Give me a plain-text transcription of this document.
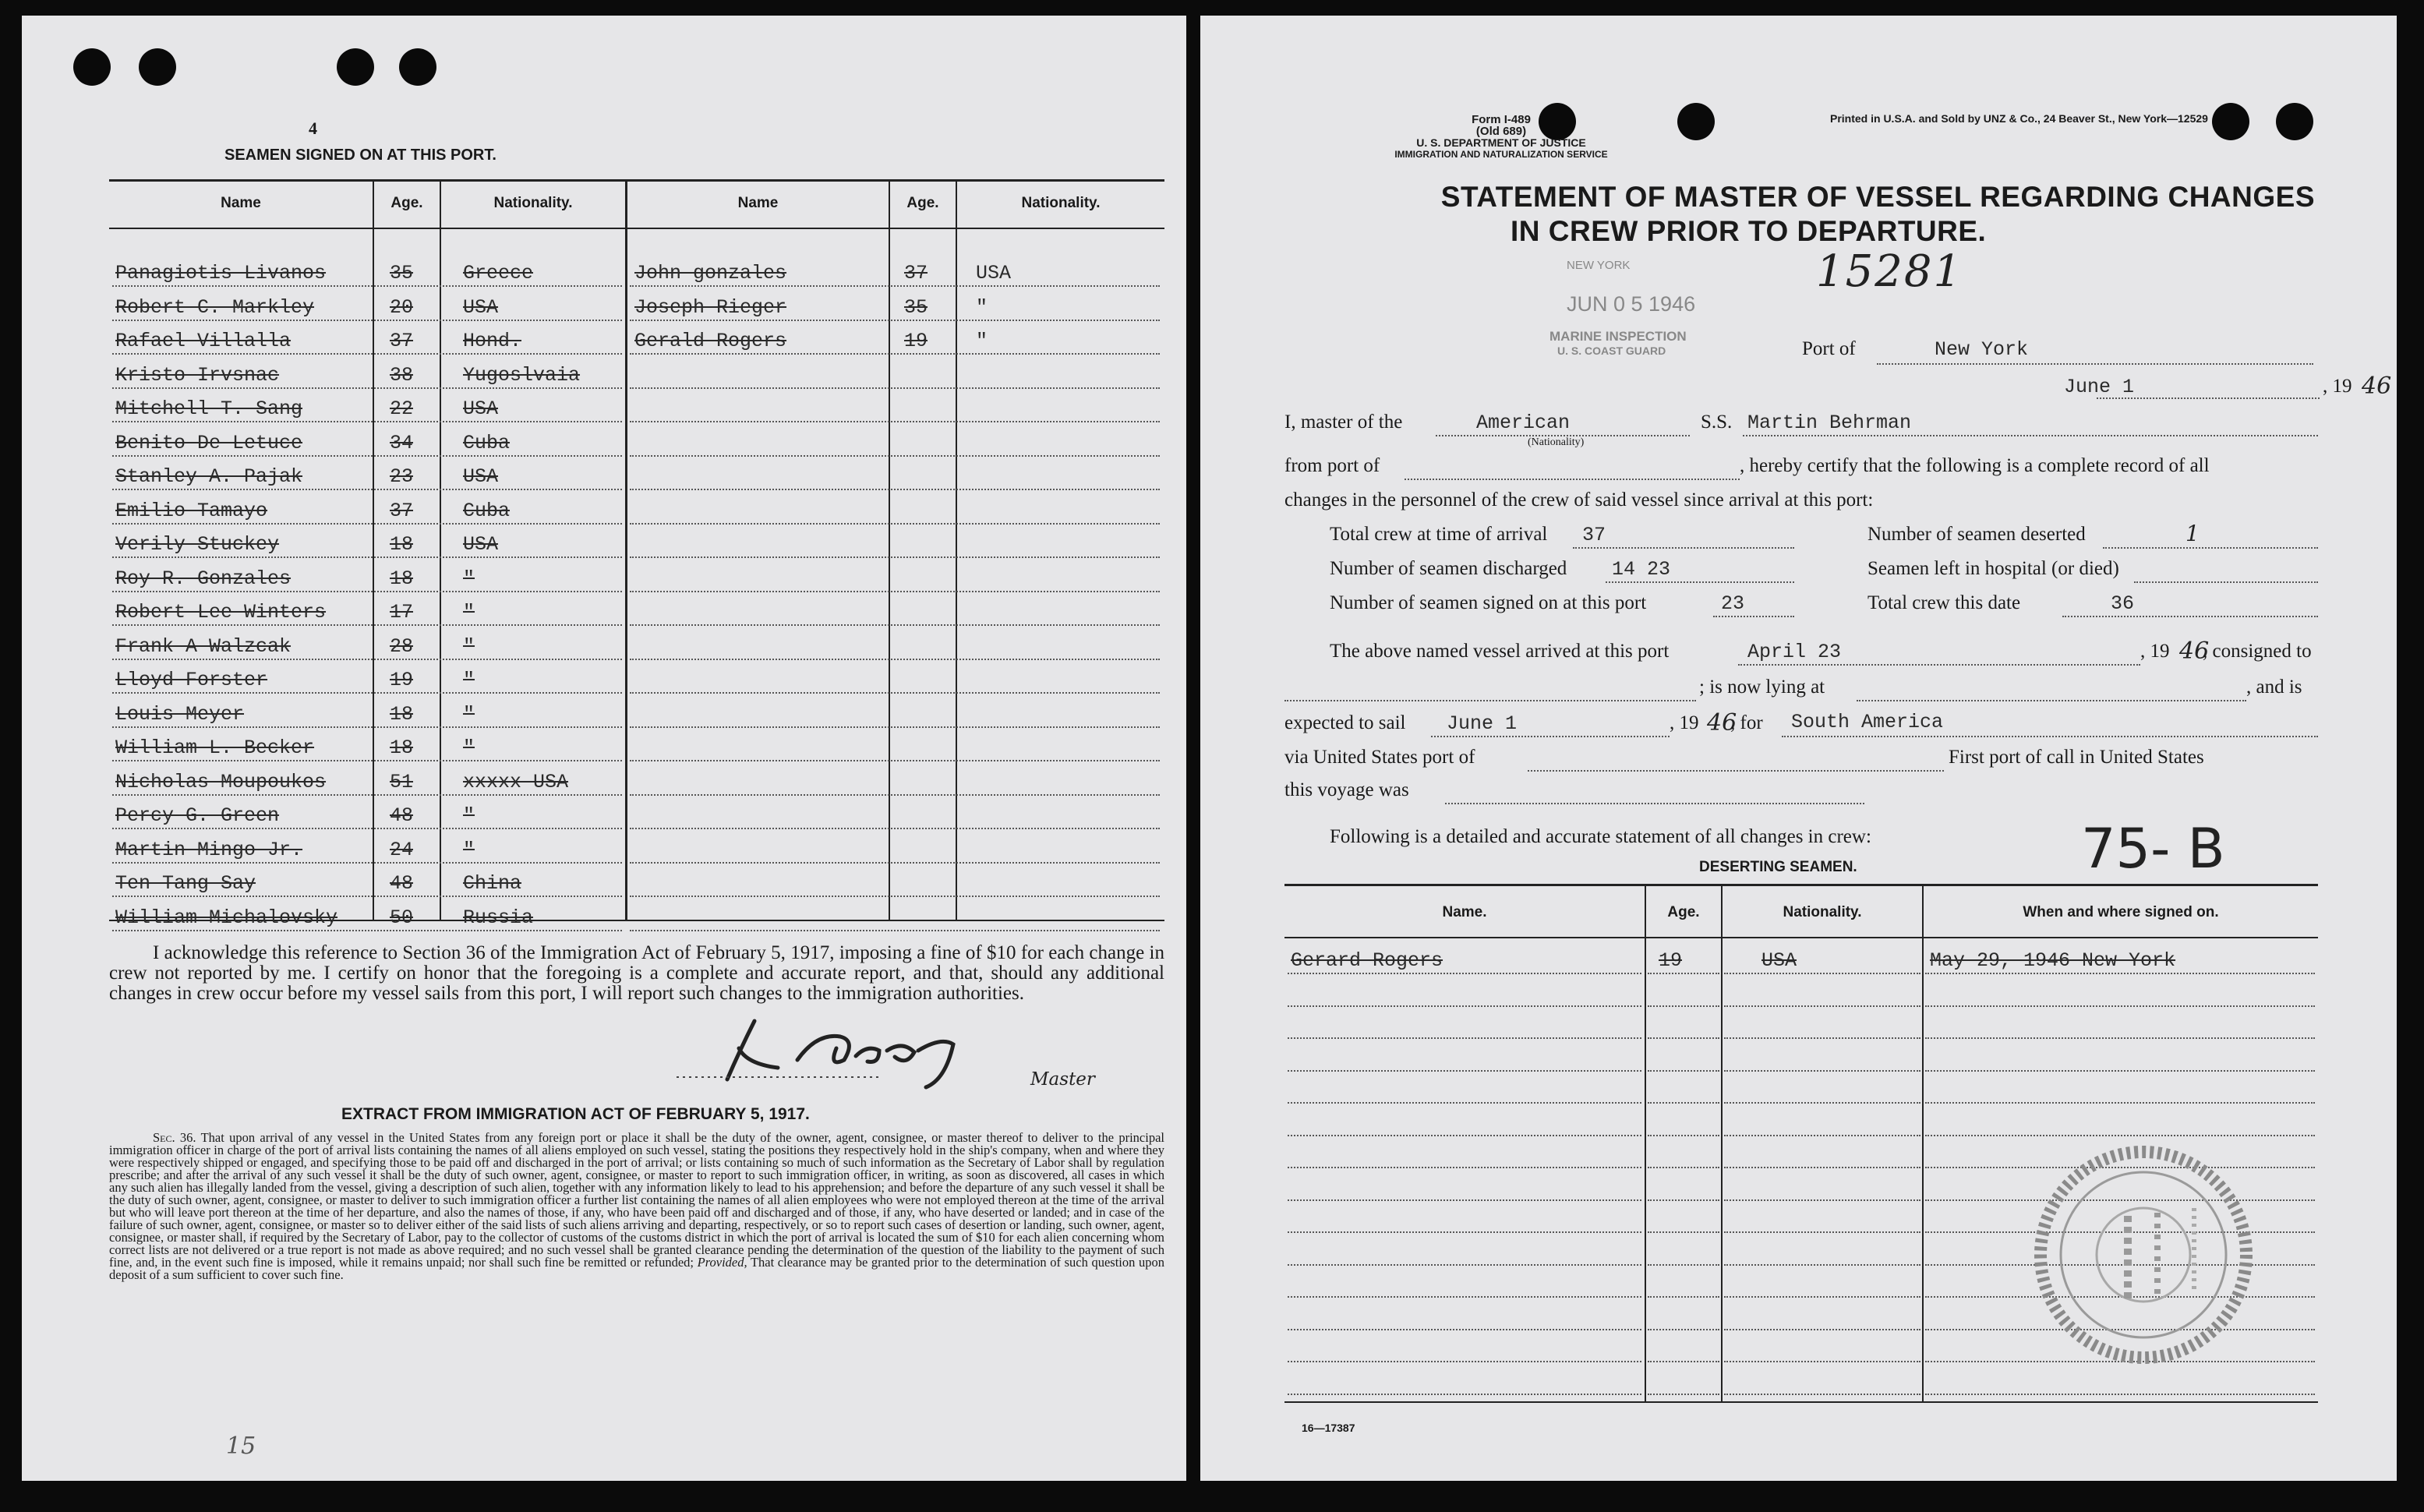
4
SEAMEN SIGNED ON AT THIS PORT.
Name	Age.	Nationality.	Name	Age.	Nationality.
Panagiotis Livanos	35	Greece
Robert C. Markley	20	USA
Rafael Villalla	37	Hond.
Kristo Irvsnac	38	Yugoslvaia
Mitchell T. Sang	22	USA
Benito De Letuce	34	Cuba
Stanley A. Pajak	23	USA
Emilio Tamayo	37	Cuba
Verily Stuckey	18	USA
Roy R. Gonzales	18	"
Robert Lee Winters	17	"
Frank A Walzcak	28	"
Lloyd Forster	19	"
Louis Meyer	18	"
William L. Becker	18	"
Nicholas Moupoukos	51	xxxxx USA
Percy G. Green	48	"
Martin Mingo Jr.	24	"
Ten Tang Say	48	China
William Michalovsky	50	Russia
John gonzales	37 USA
Joseph Rieger	35 "
Gerald Rogers	19 "
I acknowledge this reference to Section 36 of the Immigration Act of February 5, 1917, imposing a fine of $10 for each change in crew not reported by me. I certify on honor that the foregoing is a complete and accurate report, and that, should any additional changes in crew occur before my vessel sails from this port, I will report such changes to the immigration authorities.
Master
EXTRACT FROM IMMIGRATION ACT OF FEBRUARY 5, 1917.
Sec. 36. That upon arrival of any vessel in the United States from any foreign port or place it shall be the duty of the owner, agent, consignee, or master thereof to deliver to the principal immigration officer in charge of the port of arrival lists containing the names of all aliens employed on such vessel, stating the positions they respectively hold in the ship's company, when and where they were respectively shipped or engaged, and specifying those to be paid off and discharged in the port of arrival; or lists containing so much of such information as the Secretary of Labor shall by regulation prescribe; and after the arrival of any such vessel it shall be the duty of such owner, agent, consignee, or master to report to such immigration officer, in writing, as soon as discovered, all cases in which any such alien has illegally landed from the vessel, giving a description of such alien, together with any information likely to lead to his apprehension; and before the departure of any such vessel it shall be the duty of such owner, agent, consignee, or master to deliver to such immigration officer a further list containing the names of all alien employees who were not employed thereon at the time of the arrival but who will leave port thereon at the time of her departure, and also the names of those, if any, who have been paid off and discharged and of those, if any, who have deserted or landed; and in case of the failure of such owner, agent, consignee, or master so to deliver either of the said lists of such aliens arriving and departing, respectively, or so to report such cases of desertion or landing, such owner, agent, consignee, or master shall, if required by the Secretary of Labor, pay to the collector of customs of the customs district in which the port of arrival is located the sum of $10 for each alien concerning whom correct lists are not delivered or a true report is not made as above required; and no such vessel shall be granted clearance pending the determination of the question of the liability to the payment of such fine, and, in the event such fine is imposed, while it remains unpaid; nor shall such fine be remitted or refunded; Provided, That clearance may be granted prior to the determination of such question upon deposit of a sum sufficient to cover such fine.
15
Form I-489
(Old 689)
U. S. DEPARTMENT OF JUSTICE
IMMIGRATION AND NATURALIZATION SERVICE
Printed in U.S.A. and Sold by UNZ & Co., 24 Beaver St., New York—12529
STATEMENT OF MASTER OF VESSEL REGARDING CHANGES
IN CREW PRIOR TO DEPARTURE.
15281
NEW YORK
JUN 0 5 1946
MARINE INSPECTION
U. S. COAST GUARD	Port of	New York
June 1	, 19 46
I, master of the	American
(Nationality)
S.S. Martin Behrman
from port of	, hereby certify that the following is a complete record of all
changes in the personnel of the crew of said vessel since arrival at this port:
Total crew at time of arrival 37	Number of seamen deserted	1
Number of seamen discharged 14 23	Seamen left in hospital (or died)
Number of seamen signed on at this port	23	Total crew this date	36
The above named vessel arrived at this port	April 23	, 19 46
, consigned to
; is now lying at	, and is
expected to sail June 1	, 19 46
, for South America
via United States port of	First port of call in United States
this voyage was
Following is a detailed and accurate statement of all changes in crew:
DESERTING SEAMEN.	75- B
Name.	Age.	Nationality.	When and where signed on.
Gerard Rogers	19	USA	May 29, 1946 New York
16—17387
